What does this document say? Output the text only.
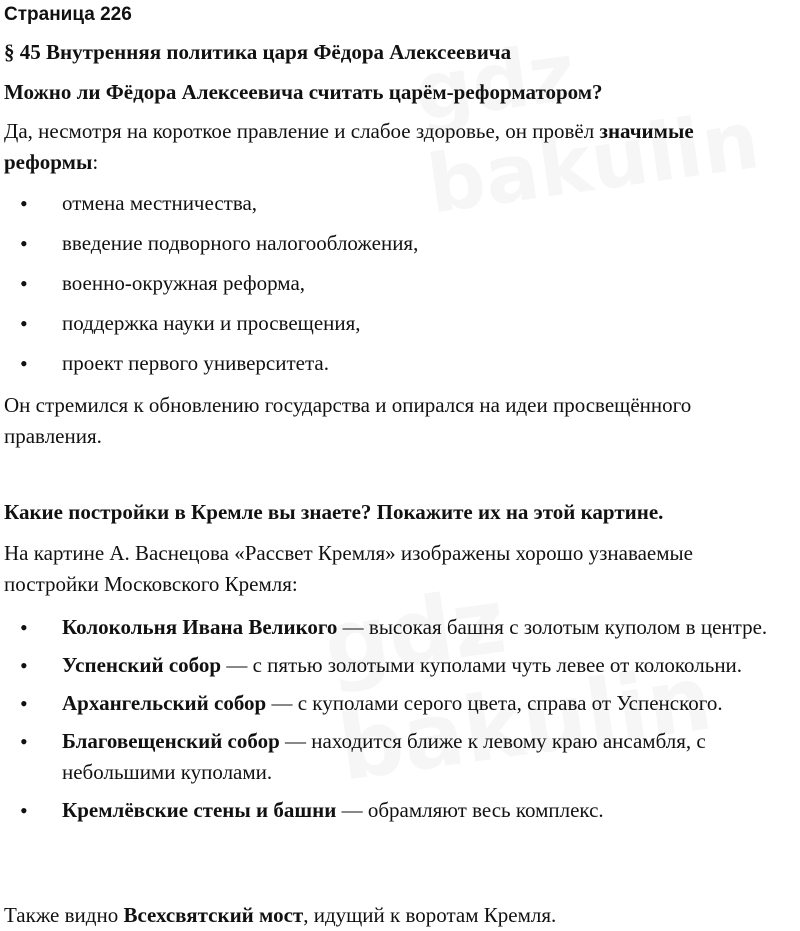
Страница 226
§ 45 Внутренняя политика царя Фёдора Алексеевича
Можно ли Фёдора Алексеевича считать царём-реформатором?
Да, несмотря на короткое правление и слабое здоровье, он провёл значимые реформы:
• отмена местничества,
• введение подворного налогообложения,
• военно-окружная реформа,
• поддержка науки и просвещения,
• проект первого университета.
Он стремился к обновлению государства и опирался на идеи просвещённого правления.
Какие постройки в Кремле вы знаете? Покажите их на этой картине.
На картине А. Васнецова «Рассвет Кремля» изображены хорошо узнаваемые постройки Московского Кремля:
• Колокольня Ивана Великого — высокая башня с золотым куполом в центре.
• Успенский собор — с пятью золотыми куполами чуть левее от колокольни.
• Архангельский собор — с куполами серого цвета, справа от Успенского.
• Благовещенский собор — находится ближе к левому краю ансамбля, с небольшими куполами.
• Кремлёвские стены и башни — обрамляют весь комплекс.
Также видно Всехсвятский мост, идущий к воротам Кремля.
